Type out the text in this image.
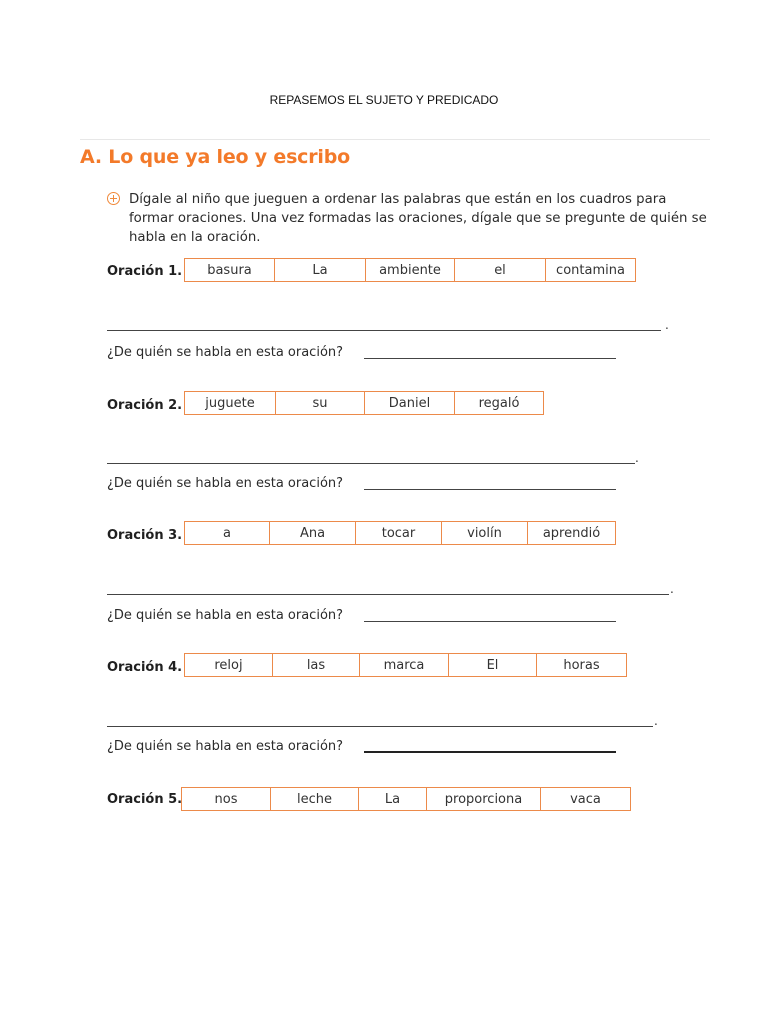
REPASEMOS EL SUJETO Y PREDICADO
A. Lo que ya leo y escribo

Dígale al niño que jueguen a ordenar las palabras que están en los cuadros para formar oraciones. Una vez formadas las oraciones, dígale que se pregunte de quién se habla en la oración.

Oración 1.	basura	La	ambiente	el	contamina
.
¿De quién se habla en esta oración?
Oración 2.	juguete	su	Daniel	regaló
.
¿De quién se habla en esta oración?
Oración 3.	a	Ana	tocar	violín	aprendió
.
¿De quién se habla en esta oración?
Oración 4.	reloj	las	marca	El	horas
.
¿De quién se habla en esta oración?
Oración 5.	nos	leche	La	proporciona	vaca
